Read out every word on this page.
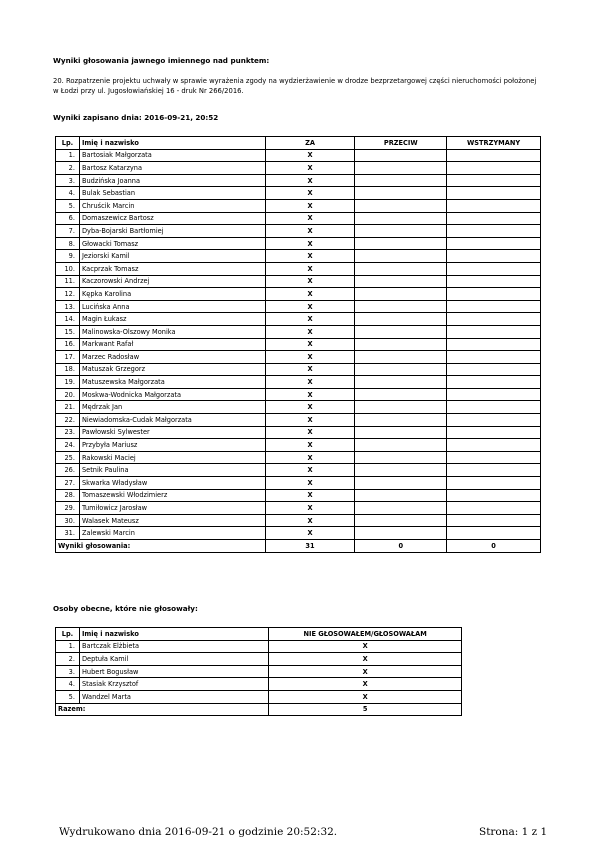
Wyniki głosowania jawnego imiennego nad punktem:
20. Rozpatrzenie projektu uchwały w sprawie wyrażenia zgody na wydzierżawienie w drodze bezprzetargowej części nieruchomości położonej w Łodzi przy ul. Jugosłowiańskiej 16 - druk Nr 266/2016.
Wyniki zapisano dnia: 2016-09-21, 20:52
Lp.	Imię i nazwisko	ZA	PRZECIW	WSTRZYMANY
1.	Bartosiak Małgorzata	X		
2.	Bartosz Katarzyna	X		
3.	Budzińska Joanna	X		
4.	Bulak Sebastian	X		
5.	Chruścik Marcin	X		
6.	Domaszewicz Bartosz	X		
7.	Dyba-Bojarski Bartłomiej	X		
8.	Głowacki Tomasz	X		
9.	Jeziorski Kamil	X		
10.	Kacprzak Tomasz	X		
11.	Kaczorowski Andrzej	X		
12.	Kępka Karolina	X		
13.	Lucińska Anna	X		
14.	Magin Łukasz	X		
15.	Malinowska-Olszowy Monika	X		
16.	Markwant Rafał	X		
17.	Marzec Radosław	X		
18.	Matuszak Grzegorz	X		
19.	Matuszewska Małgorzata	X		
20.	Moskwa-Wodnicka Małgorzata	X		
21.	Mędrzak Jan	X		
22.	Niewiadomska-Cudak Małgorzata	X		
23.	Pawłowski Sylwester	X		
24.	Przybyła Mariusz	X		
25.	Rakowski Maciej	X		
26.	Setnik Paulina	X		
27.	Skwarka Władysław	X		
28.	Tomaszewski Włodzimierz	X		
29.	Tumiłowicz Jarosław	X		
30.	Walasek Mateusz	X		
31.	Zalewski Marcin	X		
Wyniki głosowania:		31	0	0
Osoby obecne, które nie głosowały:
Lp.	Imię i nazwisko	NIE GŁOSOWAŁEM/GŁOSOWAŁAM
1.	Bartczak Elżbieta	X
2.	Deptuła Kamil	X
3.	Hubert Bogusław	X
4.	Stasiak Krzysztof	X
5.	Wandzel Marta	X
Razem:		5
Wydrukowano dnia 2016-09-21 o godzinie 20:52:32.	Strona: 1 z 1
